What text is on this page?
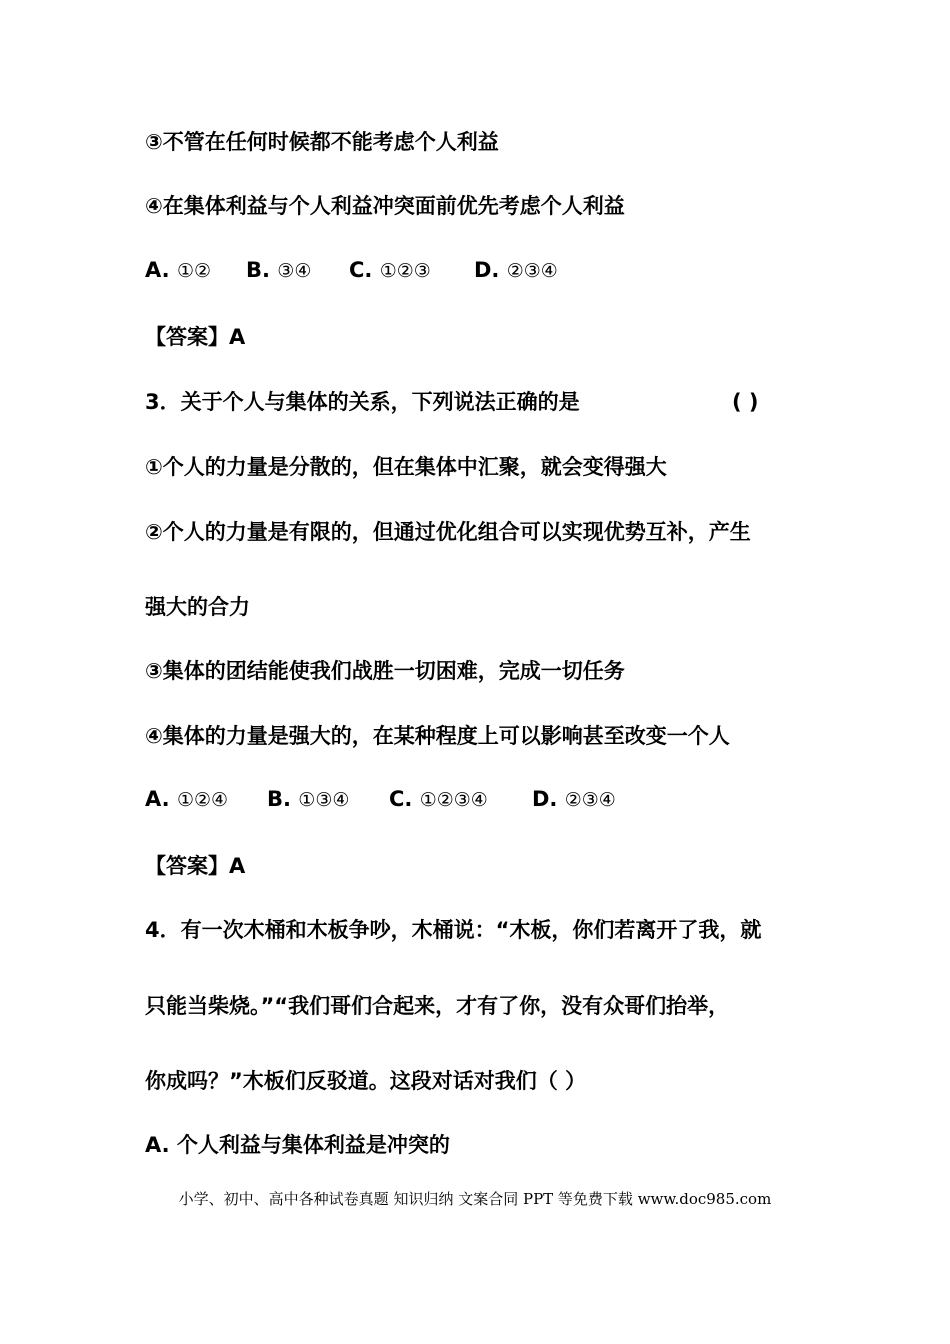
③不管在任何时候都不能考虑个人利益
④在集体利益与个人利益冲突面前优先考虑个人利益
A. ①② B. ③④ C. ①②③ D. ②③④
【答案】A
3．关于个人与集体的关系，下列说法正确的是	( )
①个人的力量是分散的，但在集体中汇聚，就会变得强大
②个人的力量是有限的，但通过优化组合可以实现优势互补，产生
强大的合力
③集体的团结能使我们战胜一切困难，完成一切任务
④集体的力量是强大的，在某种程度上可以影响甚至改变一个人
A. ①②④ B. ①③④ C. ①②③④ D. ②③④
【答案】A
4．有一次木桶和木板争吵，木桶说：“木板，你们若离开了我，就
只能当柴烧。”“我们哥们合起来，才有了你，没有众哥们抬举，
你成吗？”木板们反驳道。这段对话对我们（ ）
A. 个人利益与集体利益是冲突的
小学、初中、高中各种试卷真题 知识归纳 文案合同 PPT 等免费下载 www.doc985.com
